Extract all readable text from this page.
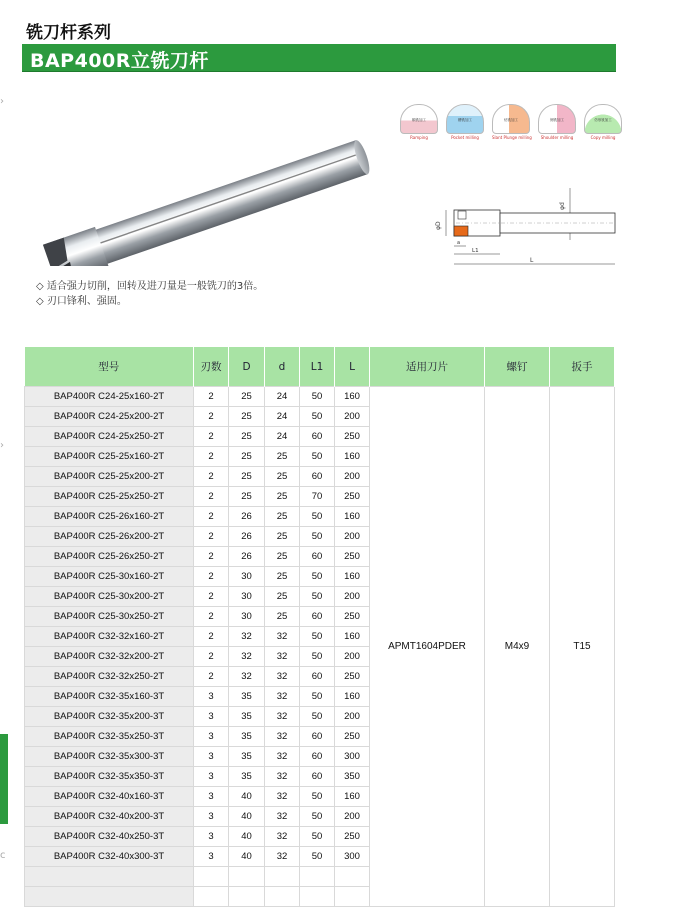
铣刀杆系列
BAP400R立铣刀杆
›
›
c
顺铣加工
Ramping
槽铣加工
Pocket milling
钻铣加工
Slant Plunge milling
侧铣加工
Shoulder milling
仿形铣加工
Copy milling
φd
φD
a
L1
L
◇ 适合强力切削，回转及进刀量是一般铣刀的3倍。
◇ 刃口锋利、强固。
型号	刃数	D	d	L1	L	适用刀片	螺钉	扳手
BAP400R C24-25x160-2T	2	25	24	50	160	APMT1604PDER	M4x9	T15
BAP400R C24-25x200-2T	2	25	24	50	200			
BAP400R C24-25x250-2T	2	25	24	60	250			
BAP400R C25-25x160-2T	2	25	25	50	160			
BAP400R C25-25x200-2T	2	25	25	60	200			
BAP400R C25-25x250-2T	2	25	25	70	250			
BAP400R C25-26x160-2T	2	26	25	50	160			
BAP400R C25-26x200-2T	2	26	25	50	200			
BAP400R C25-26x250-2T	2	26	25	60	250			
BAP400R C25-30x160-2T	2	30	25	50	160			
BAP400R C25-30x200-2T	2	30	25	50	200			
BAP400R C25-30x250-2T	2	30	25	60	250			
BAP400R C32-32x160-2T	2	32	32	50	160			
BAP400R C32-32x200-2T	2	32	32	50	200			
BAP400R C32-32x250-2T	2	32	32	60	250			
BAP400R C32-35x160-3T	3	35	32	50	160			
BAP400R C32-35x200-3T	3	35	32	50	200			
BAP400R C32-35x250-3T	3	35	32	60	250			
BAP400R C32-35x300-3T	3	35	32	60	300			
BAP400R C32-35x350-3T	3	35	32	60	350			
BAP400R C32-40x160-3T	3	40	32	50	160			
BAP400R C32-40x200-3T	3	40	32	50	200			
BAP400R C32-40x250-3T	3	40	32	50	250			
BAP400R C32-40x300-3T	3	40	32	50	300			
